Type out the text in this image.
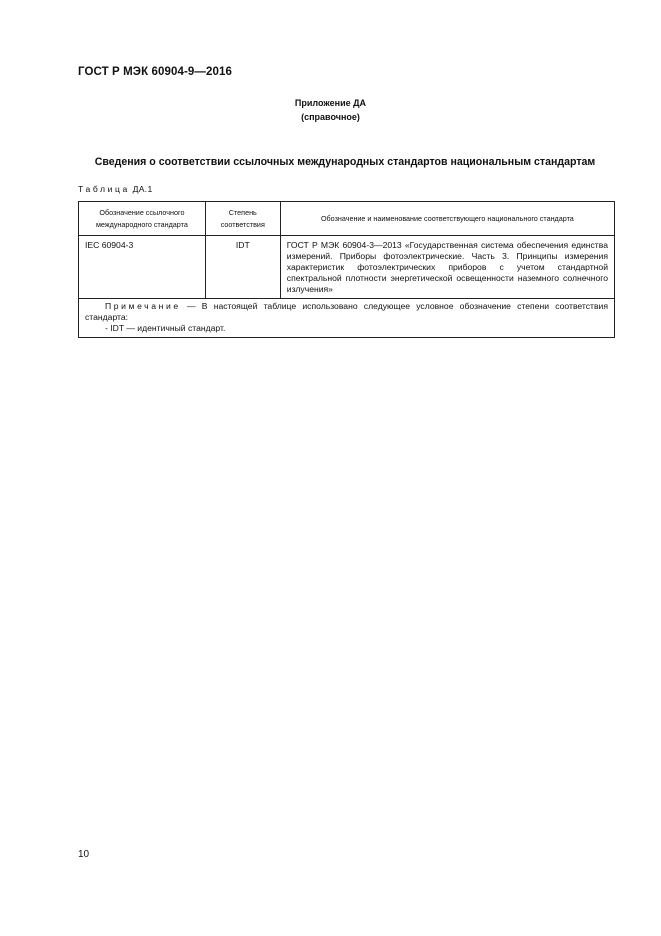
ГОСТ Р МЭК 60904-9—2016
Приложение ДА
(справочное)
Сведения о соответствии ссылочных международных стандартов национальным стандартам
Таблица ДА.1
Обозначение ссылочного международного стандарта	Степень соответствия	Обозначение и наименование соответствующего национального стандарта
IEC 60904-3	IDT	ГОСТ Р МЭК 60904-3—2013 «Государственная система обеспечения единства измерений. Приборы фотоэлектрические. Часть 3. Принципы измерения характеристик фотоэлектрических приборов с учетом стандартной спектральной плотности энергетической освещенности наземного солнечного излучения»

Примечание — В настоящей таблице использовано следующее условное обозначение степени соответствия стандарта:
- IDT — идентичный стандарт.		
10
